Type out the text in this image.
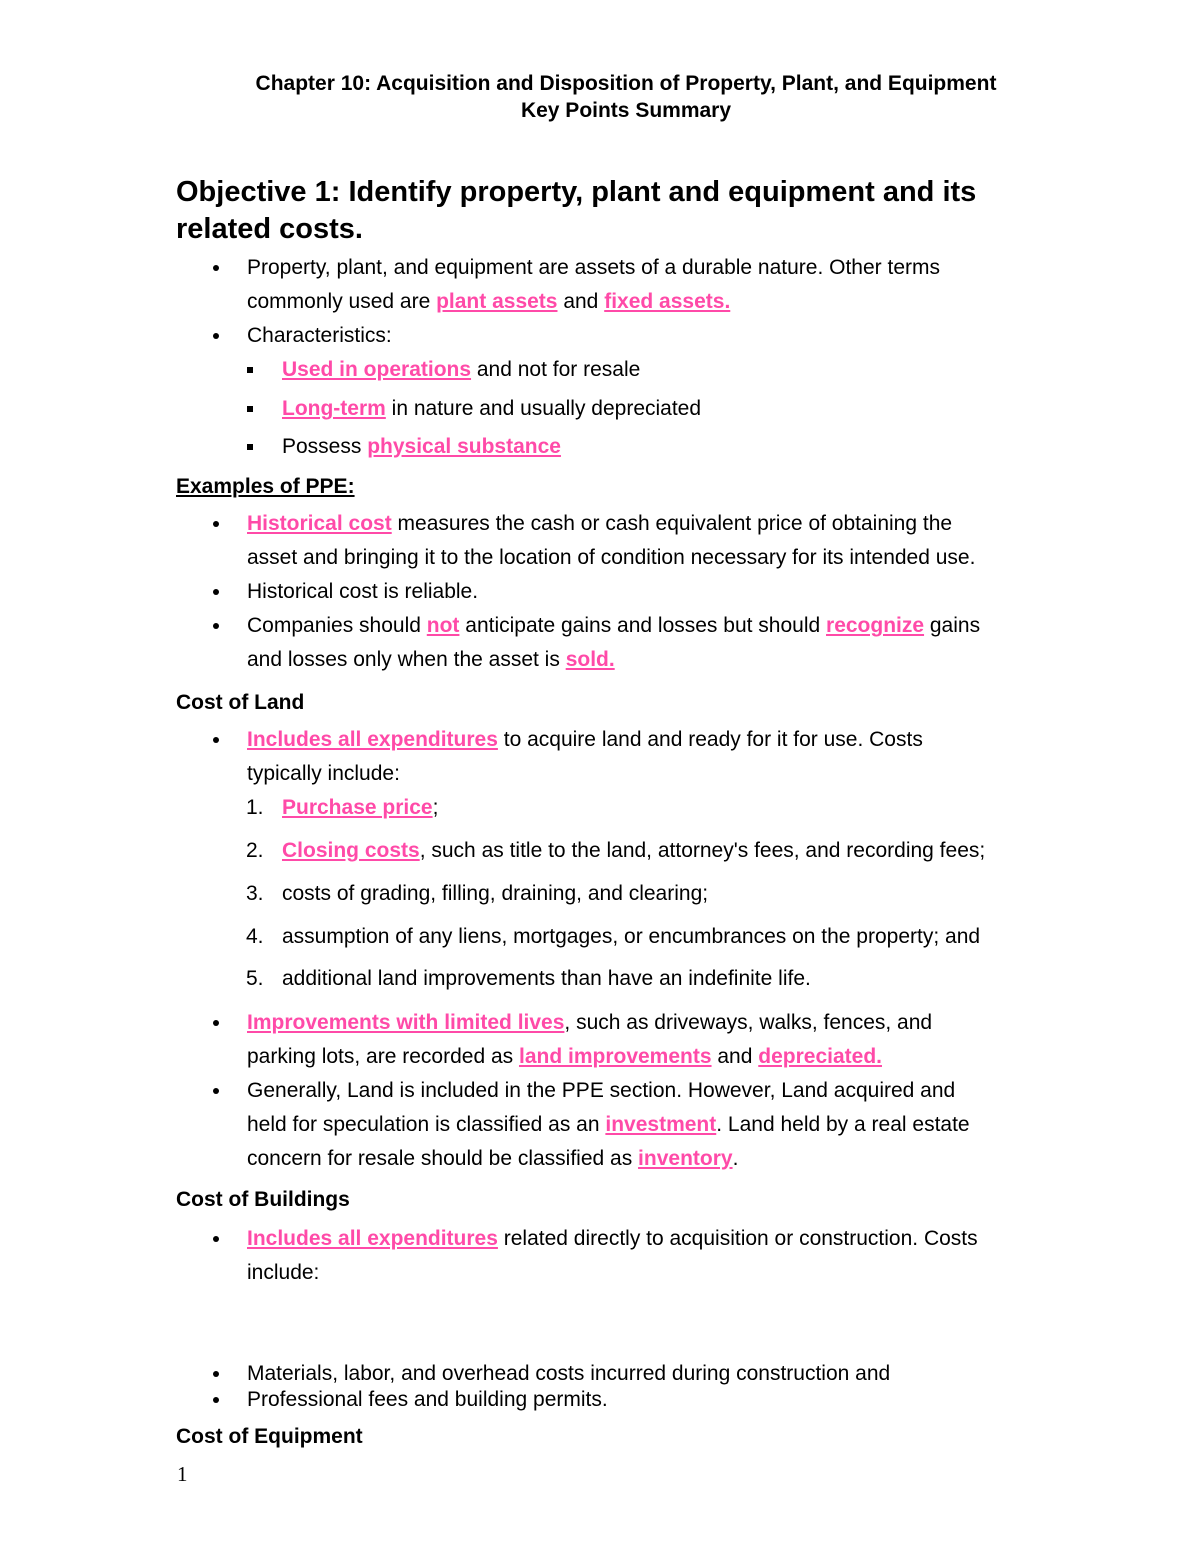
Chapter 10: Acquisition and Disposition of Property, Plant, and Equipment
Key Points Summary
Objective 1: Identify property, plant and equipment and its
related costs.
Property, plant, and equipment are assets of a durable nature. Other terms
commonly used are plant assets and fixed assets.
Characteristics:
Used in operations and not for resale
Long-term in nature and usually depreciated
Possess physical substance
Examples of PPE:
Historical cost measures the cash or cash equivalent price of obtaining the
asset and bringing it to the location of condition necessary for its intended use.
Historical cost is reliable.
Companies should not anticipate gains and losses but should recognize gains
and losses only when the asset is sold.
Cost of Land
Includes all expenditures to acquire land and ready for it for use. Costs
typically include:
1. Purchase price;
2. Closing costs, such as title to the land, attorney's fees, and recording fees;
3. costs of grading, filling, draining, and clearing;
4. assumption of any liens, mortgages, or encumbrances on the property; and
5. additional land improvements than have an indefinite life.
Improvements with limited lives, such as driveways, walks, fences, and
parking lots, are recorded as land improvements and depreciated.
Generally, Land is included in the PPE section. However, Land acquired and
held for speculation is classified as an investment. Land held by a real estate
concern for resale should be classified as inventory.
Cost of Buildings
Includes all expenditures related directly to acquisition or construction. Costs
include:
Materials, labor, and overhead costs incurred during construction and
Professional fees and building permits.
Cost of Equipment
1
